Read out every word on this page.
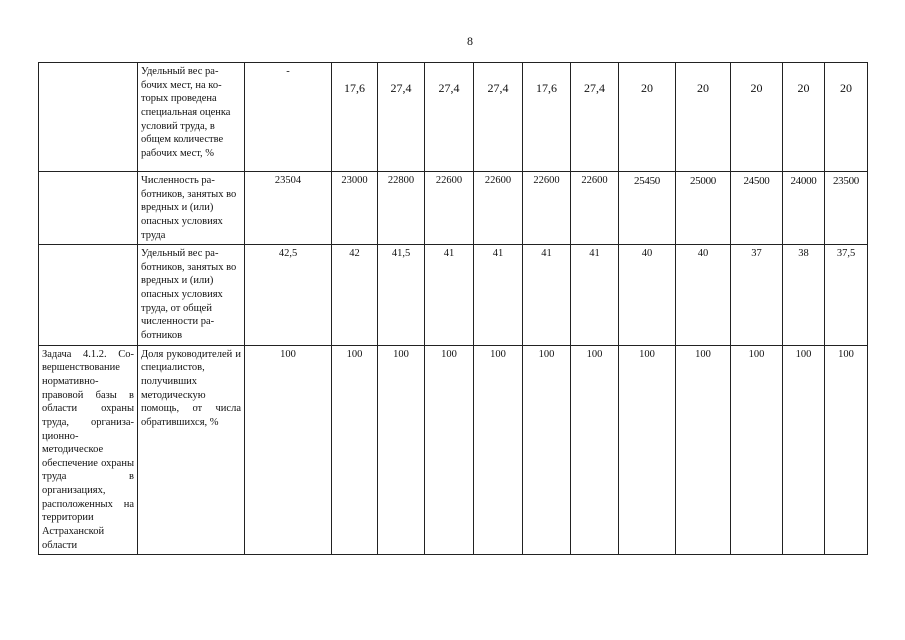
8
	Удельный вес рабочих мест, на которых проведена специальная оценка условий труда, в общем количестве рабочих мест, %	-	17,6	27,4	27,4	27,4	17,6	27,4	20	20	20	20	20
	Численность работников, занятых во вредных и (или) опасных условиях труда	23504	23000	22800	22600	22600	22600	22600	25450	25000	24500	24000	23500
	Удельный вес работников, занятых во вредных и (или) опасных условиях труда, от общей численности работников	42,5	42	41,5	41	41	41	41	40	40	37	38	37,5
Задача 4.1.2. Совершенствование нормативно-правовой базы в области охраны труда, организационно-методическое обеспечение охраны труда в организациях, расположенных на территории Астраханской области	Доля руководителей и специалистов, получивших методическую помощь, от числа обратившихся, %	100	100	100	100	100	100	100	100	100	100	100	100
